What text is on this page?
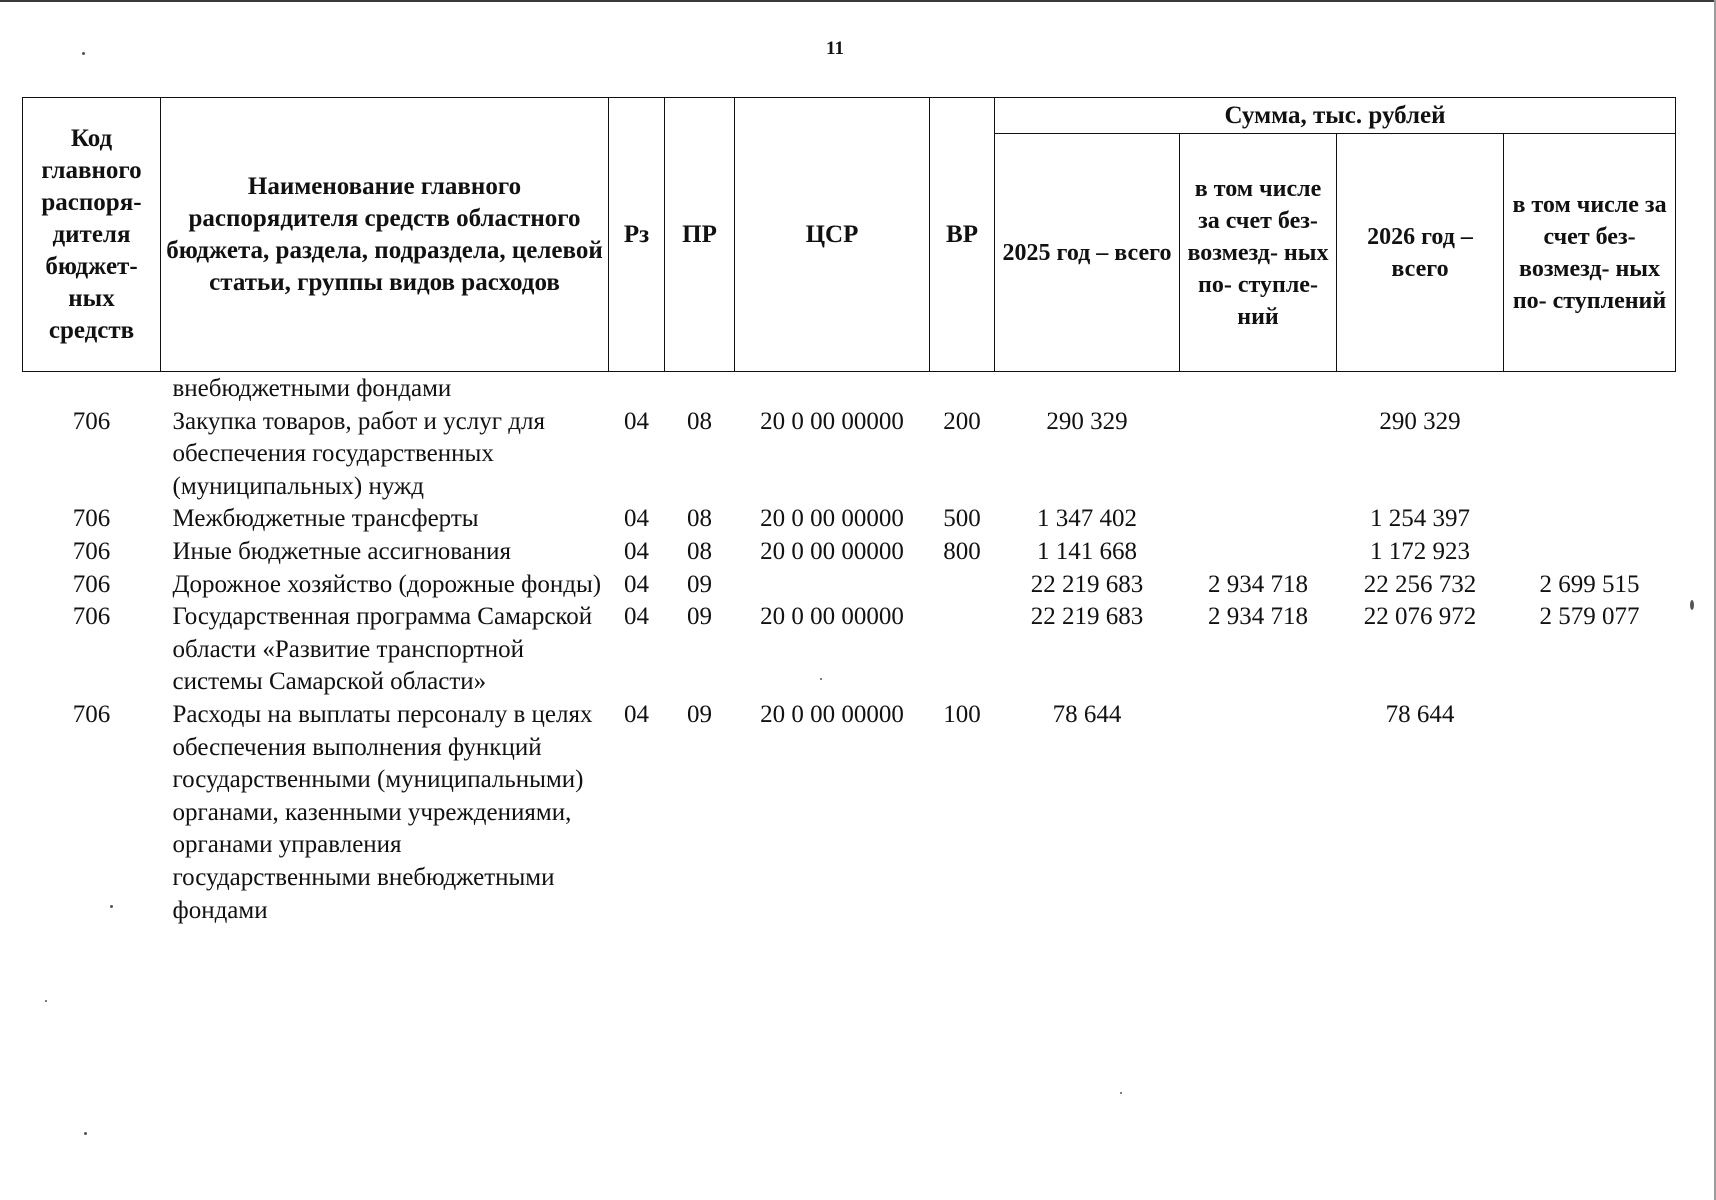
11
Код главного распоря- дителя бюджет- ных средств	Наименование главного распорядителя средств областного бюджета, раздела, подраздела, целевой статьи, группы видов расходов	Рз	ПР	ЦСР	ВР	Сумма, тыс. рублей			
						2025 год – всего	в том числе за счет без- возмезд- ных по- ступле- ний	2026 год – всего	в том числе за счет без- возмезд- ных по- ступлений
	внебюджетными фондами								
706	Закупка товаров, работ и услуг для обеспечения государственных (муниципальных) нужд	04	08	20 0 00 00000	200	290 329		290 329	
706	Межбюджетные трансферты	04	08	20 0 00 00000	500	1 347 402		1 254 397	
706	Иные бюджетные ассигнования	04	08	20 0 00 00000	800	1 141 668		1 172 923	
706	Дорожное хозяйство (дорожные фонды)	04	09			22 219 683	2 934 718	22 256 732	2 699 515
706	Государственная программа Самарской области «Развитие транспортной системы Самарской области»	04	09	20 0 00 00000		22 219 683	2 934 718	22 076 972	2 579 077
706	Расходы на выплаты персоналу в целях обеспечения выполнения функций государственными (муниципальными) органами, казенными учреждениями, органами управления государственными внебюджетными фондами	04	09	20 0 00 00000	100	78 644		78 644	
